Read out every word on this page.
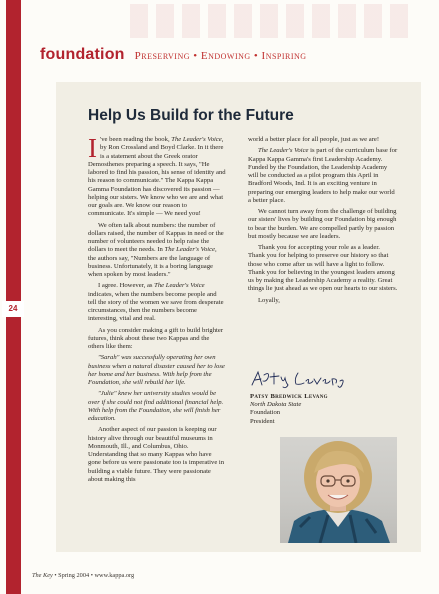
24
foundation Preserving • Endowing • Inspiring
Help Us Build for the Future

I 've been reading the book, The Leader's Voice, by Ron Crossland and Boyd Clarke. In it there is a statement about the Greek orator Demosthenes preparing a speech. It says, "He labored to find his passion, his sense of identity and his reason to communicate." The Kappa Kappa Gamma Foundation has discovered its passion — helping our sisters. We know who we are and what our goals are. We know our reason to communicate. It's simple — We need you!

We often talk about numbers: the number of dollars raised, the number of Kappas in need or the number of volunteers needed to help raise the dollars to meet the needs. In The Leader's Voice, the authors say, "Numbers are the language of business. Unfortunately, it is a boring language when spoken by most leaders."

I agree. However, as The Leader's Voice indicates, when the numbers become people and tell the story of the women we save from desperate circumstances, then the numbers become interesting, vital and real.

As you consider making a gift to build brighter futures, think about these two Kappas and the others like them:

"Sarah" was successfully operating her own business when a natural disaster caused her to lose her home and her business. With help from the Foundation, she will rebuild her life.

"Julie" knew her university studies would be over if she could not find additional financial help. With help from the Foundation, she will finish her education.

Another aspect of our passion is keeping our history alive through our beautiful museums in Monmouth, Ill., and Columbus, Ohio. Understanding that so many Kappas who have gone before us were passionate too is imperative in building a viable future. They were passionate about making this

world a better place for all people, just as we are!

The Leader's Voice is part of the curriculum base for Kappa Kappa Gamma's first Leadership Academy. Funded by the Foundation, the Leadership Academy will be conducted as a pilot program this April in Bradford Woods, Ind. It is an exciting venture in preparing our emerging leaders to help make our world a better place.

We cannot turn away from the challenge of building our sisters' lives by building our Foundation big enough to bear the burden. We are compelled partly by passion but mostly because we are leaders.

Thank you for accepting your role as a leader. Thank you for helping to preserve our history so that those who come after us will have a light to follow. Thank you for believing in the youngest leaders among us by making the Leadership Academy a reality. Great things lie just ahead as we open our hearts to our sisters.

Loyally,

Patsy Bredwick Levang
North Dakota State
Foundation
President
The Key • Spring 2004 • www.kappa.org
